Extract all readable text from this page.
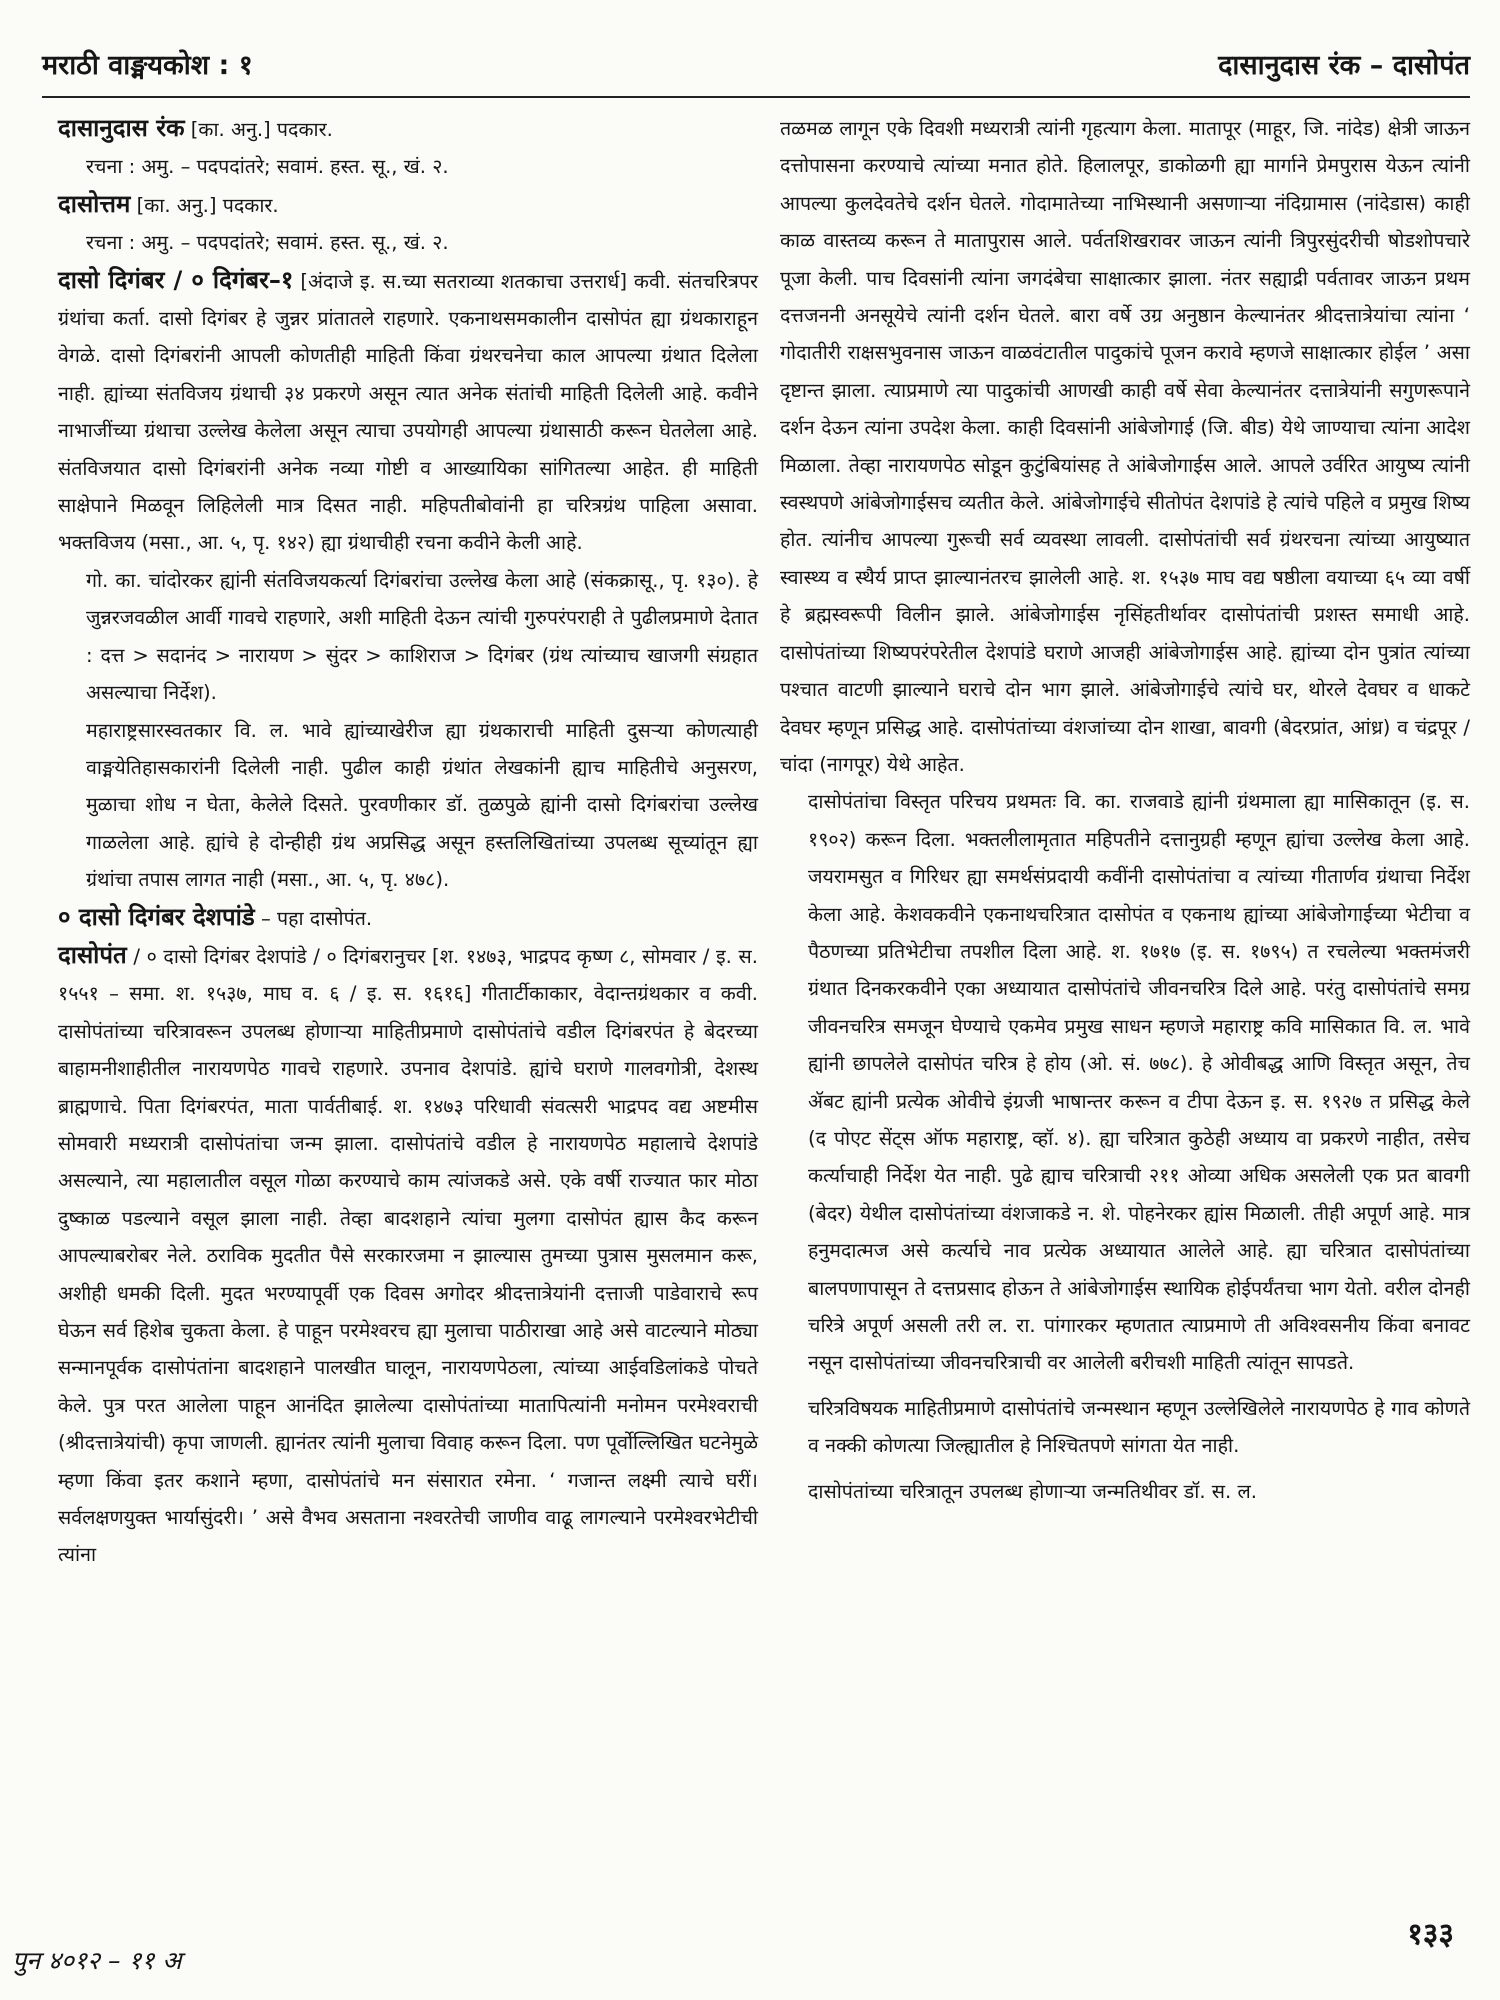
मराठी वाङ्मयकोश : १	दासानुदास रंक – दासोपंत

दासानुदास रंक [का. अनु.] पदकार.

रचना : अमु. – पदपदांतरे; सवामं. हस्त. सू., खं. २.

दासोत्तम [का. अनु.] पदकार.

रचना : अमु. – पदपदांतरे; सवामं. हस्त. सू., खं. २.

दासो दिगंबर / ० दिगंबर–१ [अंदाजे इ. स.च्या सतराव्या शतकाचा उत्तरार्ध] कवी. संतचरित्रपर ग्रंथांचा कर्ता. दासो दिगंबर हे जुन्नर प्रांतातले राहणारे. एकनाथसमकालीन दासोपंत ह्या ग्रंथकाराहून वेगळे. दासो दिगंबरांनी आपली कोणतीही माहिती किंवा ग्रंथरचनेचा काल आपल्या ग्रंथात दिलेला नाही. ह्यांच्या संतविजय ग्रंथाची ३४ प्रकरणे असून त्यात अनेक संतांची माहिती दिलेली आहे. कवीने नाभाजींच्या ग्रंथाचा उल्लेख केलेला असून त्याचा उपयोगही आपल्या ग्रंथासाठी करून घेतलेला आहे. संतविजयात दासो दिगंबरांनी अनेक नव्या गोष्टी व आख्यायिका सांगितल्या आहेत. ही माहिती साक्षेपाने मिळवून लिहिलेली मात्र दिसत नाही. महिपतीबोवांनी हा चरित्रग्रंथ पाहिला असावा. भक्तविजय (मसा., आ. ५, पृ. १४२) ह्या ग्रंथाचीही रचना कवीने केली आहे.

गो. का. चांदोरकर ह्यांनी संतविजयकर्त्या दिगंबरांचा उल्लेख केला आहे (संकक्रासू., पृ. १३०). हे जुन्नरजवळील आर्वी गावचे राहणारे, अशी माहिती देऊन त्यांची गुरुपरंपराही ते पुढीलप्रमाणे देतात : दत्त > सदानंद > नारायण > सुंदर > काशिराज > दिगंबर (ग्रंथ त्यांच्याच खाजगी संग्रहात असल्याचा निर्देश).

महाराष्ट्रसारस्वतकार वि. ल. भावे ह्यांच्याखेरीज ह्या ग्रंथकाराची माहिती दुसऱ्या कोणत्याही वाङ्मयेतिहासकारांनी दिलेली नाही. पुढील काही ग्रंथांत लेखकांनी ह्याच माहितीचे अनुसरण, मुळाचा शोध न घेता, केलेले दिसते. पुरवणीकार डॉ. तुळपुळे ह्यांनी दासो दिगंबरांचा उल्लेख गाळलेला आहे. ह्यांचे हे दोन्हीही ग्रंथ अप्रसिद्ध असून हस्तलिखितांच्या उपलब्ध सूच्यांतून ह्या ग्रंथांचा तपास लागत नाही (मसा., आ. ५, पृ. ४७८).

० दासो दिगंबर देशपांडे – पहा दासोपंत.

दासोपंत / ० दासो दिगंबर देशपांडे / ० दिगंबरानुचर [श. १४७३, भाद्रपद कृष्ण ८, सोमवार / इ. स. १५५१ – समा. श. १५३७, माघ व. ६ / इ. स. १६१६] गीतार्टीकाकार, वेदान्तग्रंथकार व कवी. दासोपंतांच्या चरित्रावरून उपलब्ध होणाऱ्या माहितीप्रमाणे दासोपंतांचे वडील दिगंबरपंत हे बेदरच्या बाहामनीशाहीतील नारायणपेठ गावचे राहणारे. उपनाव देशपांडे. ह्यांचे घराणे गालवगोत्री, देशस्थ ब्राह्मणाचे. पिता दिगंबरपंत, माता पार्वतीबाई. श. १४७३ परिधावी संवत्सरी भाद्रपद वद्य अष्टमीस सोमवारी मध्यरात्री दासोपंतांचा जन्म झाला. दासोपंतांचे वडील हे नारायणपेठ महालाचे देशपांडे असल्याने, त्या महालातील वसूल गोळा करण्याचे काम त्यांजकडे असे. एके वर्षी राज्यात फार मोठा दुष्काळ पडल्याने वसूल झाला नाही. तेव्हा बादशहाने त्यांचा मुलगा दासोपंत ह्यास कैद करून आपल्याबरोबर नेले. ठराविक मुदतीत पैसे सरकारजमा न झाल्यास तुमच्या पुत्रास मुसलमान करू, अशीही धमकी दिली. मुदत भरण्यापूर्वी एक दिवस अगोदर श्रीदत्तात्रेयांनी दत्ताजी पाडेवाराचे रूप घेऊन सर्व हिशेब चुकता केला. हे पाहून परमेश्वरच ह्या मुलाचा पाठीराखा आहे असे वाटल्याने मोठ्या सन्मानपूर्वक दासोपंतांना बादशहाने पालखीत घालून, नारायणपेठला, त्यांच्या आईवडिलांकडे पोचते केले. पुत्र परत आलेला पाहून आनंदित झालेल्या दासोपंतांच्या मातापित्यांनी मनोमन परमेश्वराची (श्रीदत्तात्रेयांची) कृपा जाणली. ह्यानंतर त्यांनी मुलाचा विवाह करून दिला. पण पूर्वोल्लिखित घटनेमुळे म्हणा किंवा इतर कशाने म्हणा, दासोपंतांचे मन संसारात रमेना. ‘ गजान्त लक्ष्मी त्याचे घरीं। सर्वलक्षणयुक्त भार्यासुंदरी। ’ असे वैभव असताना नश्वरतेची जाणीव वाढू लागल्याने परमेश्वरभेटीची त्यांना

तळमळ लागून एके दिवशी मध्यरात्री त्यांनी गृहत्याग केला. मातापूर (माहूर, जि. नांदेड) क्षेत्री जाऊन दत्तोपासना करण्याचे त्यांच्या मनात होते. हिलालपूर, डाकोळगी ह्या मार्गाने प्रेमपुरास येऊन त्यांनी आपल्या कुलदेवतेचे दर्शन घेतले. गोदामातेच्या नाभिस्थानी असणाऱ्या नंदिग्रामास (नांदेडास) काही काळ वास्तव्य करून ते मातापुरास आले. पर्वतशिखरावर जाऊन त्यांनी त्रिपुरसुंदरीची षोडशोपचारे पूजा केली. पाच दिवसांनी त्यांना जगदंबेचा साक्षात्कार झाला. नंतर सह्याद्री पर्वतावर जाऊन प्रथम दत्तजननी अनसूयेचे त्यांनी दर्शन घेतले. बारा वर्षे उग्र अनुष्ठान केल्यानंतर श्रीदत्तात्रेयांचा त्यांना ‘ गोदातीरी राक्षसभुवनास जाऊन वाळवंटातील पादुकांचे पूजन करावे म्हणजे साक्षात्कार होईल ’ असा दृष्टान्त झाला. त्याप्रमाणे त्या पादुकांची आणखी काही वर्षे सेवा केल्यानंतर दत्तात्रेयांनी सगुणरूपाने दर्शन देऊन त्यांना उपदेश केला. काही दिवसांनी आंबेजोगाई (जि. बीड) येथे जाण्याचा त्यांना आदेश मिळाला. तेव्हा नारायणपेठ सोडून कुटुंबियांसह ते आंबेजोगाईस आले. आपले उर्वरित आयुष्य त्यांनी स्वस्थपणे आंबेजोगाईसच व्यतीत केले. आंबेजोगाईचे सीतोपंत देशपांडे हे त्यांचे पहिले व प्रमुख शिष्य होत. त्यांनीच आपल्या गुरूची सर्व व्यवस्था लावली. दासोपंतांची सर्व ग्रंथरचना त्यांच्या आयुष्यात स्वास्थ्य व स्थैर्य प्राप्त झाल्यानंतरच झालेली आहे. श. १५३७ माघ वद्य षष्ठीला वयाच्या ६५ व्या वर्षी हे ब्रह्मस्वरूपी विलीन झाले. आंबेजोगाईस नृसिंहतीर्थावर दासोपंतांची प्रशस्त समाधी आहे. दासोपंतांच्या शिष्यपरंपरेतील देशपांडे घराणे आजही आंबेजोगाईस आहे. ह्यांच्या दोन पुत्रांत त्यांच्या पश्चात वाटणी झाल्याने घराचे दोन भाग झाले. आंबेजोगाईचे त्यांचे घर, थोरले देवघर व धाकटे देवघर म्हणून प्रसिद्ध आहे. दासोपंतांच्या वंशजांच्या दोन शाखा, बावगी (बेदरप्रांत, आंध्र) व चंद्रपूर / चांदा (नागपूर) येथे आहेत.

दासोपंतांचा विस्तृत परिचय प्रथमतः वि. का. राजवाडे ह्यांनी ग्रंथमाला ह्या मासिकातून (इ. स. १९०२) करून दिला. भक्तलीलामृतात महिपतीने दत्तानुग्रही म्हणून ह्यांचा उल्लेख केला आहे. जयरामसुत व गिरिधर ह्या समर्थसंप्रदायी कवींनी दासोपंतांचा व त्यांच्या गीतार्णव ग्रंथाचा निर्देश केला आहे. केशवकवीने एकनाथचरित्रात दासोपंत व एकनाथ ह्यांच्या आंबेजोगाईच्या भेटीचा व पैठणच्या प्रतिभेटीचा तपशील दिला आहे. श. १७१७ (इ. स. १७९५) त रचलेल्या भक्तमंजरी ग्रंथात दिनकरकवीने एका अध्यायात दासोपंतांचे जीवनचरित्र दिले आहे. परंतु दासोपंतांचे समग्र जीवनचरित्र समजून घेण्याचे एकमेव प्रमुख साधन म्हणजे महाराष्ट्र कवि मासिकात वि. ल. भावे ह्यांनी छापलेले दासोपंत चरित्र हे होय (ओ. सं. ७७८). हे ओवीबद्ध आणि विस्तृत असून, तेच ॲबट ह्यांनी प्रत्येक ओवीचे इंग्रजी भाषान्तर करून व टीपा देऊन इ. स. १९२७ त प्रसिद्ध केले (द पोएट सेंट्स ऑफ महाराष्ट्र, व्हॉ. ४). ह्या चरित्रात कुठेही अध्याय वा प्रकरणे नाहीत, तसेच कर्त्याचाही निर्देश येत नाही. पुढे ह्याच चरित्राची २११ ओव्या अधिक असलेली एक प्रत बावगी (बेदर) येथील दासोपंतांच्या वंशजाकडे न. शे. पोहनेरकर ह्यांस मिळाली. तीही अपूर्ण आहे. मात्र हनुमदात्मज असे कर्त्याचे नाव प्रत्येक अध्यायात आलेले आहे. ह्या चरित्रात दासोपंतांच्या बालपणापासून ते दत्तप्रसाद होऊन ते आंबेजोगाईस स्थायिक होईपर्यंतचा भाग येतो. वरील दोनही चरित्रे अपूर्ण असली तरी ल. रा. पांगारकर म्हणतात त्याप्रमाणे ती अविश्वसनीय किंवा बनावट नसून दासोपंतांच्या जीवनचरित्राची वर आलेली बरीचशी माहिती त्यांतून सापडते.

चरित्रविषयक माहितीप्रमाणे दासोपंतांचे जन्मस्थान म्हणून उल्लेखिलेले नारायणपेठ हे गाव कोणते व नक्की कोणत्या जिल्ह्यातील हे निश्चितपणे सांगता येत नाही.

दासोपंतांच्या चरित्रातून उपलब्ध होणाऱ्या जन्मतिथीवर डॉ. स. ल.

पुन ४०१२ – ११ अ
१३३
